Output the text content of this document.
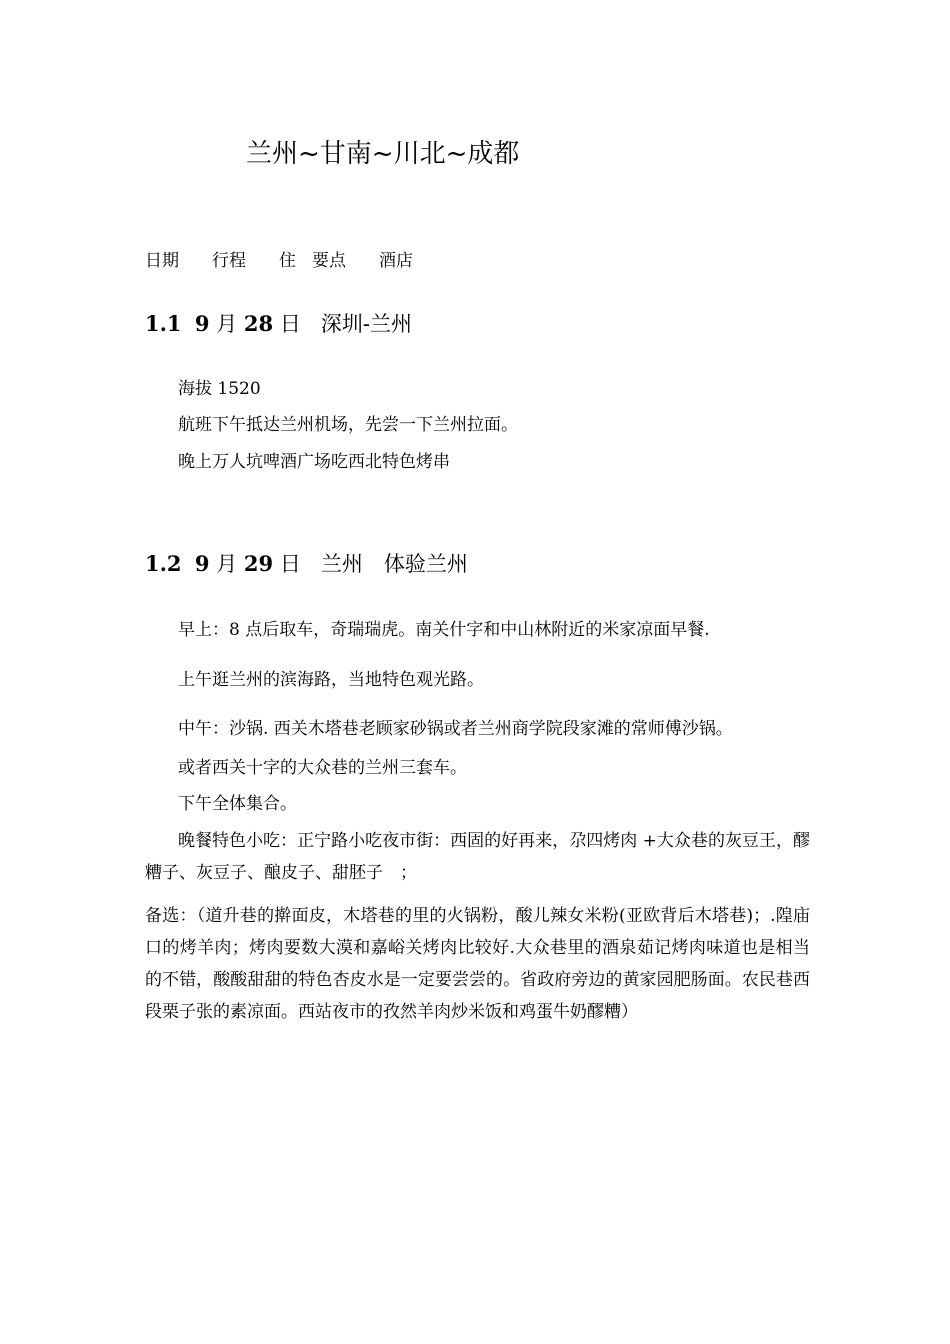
兰州~甘南~川北~成都
日期 行程 住 要点 酒店
1.1 9 月 28 日 深圳-兰州
海拔 1520
航班下午抵达兰州机场，先尝一下兰州拉面。
晚上万人坑啤酒广场吃西北特色烤串
1.2 9 月 29 日 兰州　体验兰州
早上：8 点后取车，奇瑞瑞虎。南关什字和中山林附近的米家凉面早餐.
上午逛兰州的滨海路，当地特色观光路。
中午：沙锅. 西关木塔巷老顾家砂锅或者兰州商学院段家滩的常师傅沙锅。
或者西关十字的大众巷的兰州三套车。
下午全体集合。
晚餐特色小吃：正宁路小吃夜市街：西固的好再来，尕四烤肉 +大众巷的灰豆王，醪糟子、灰豆子、酿皮子、甜胚子　；
备选：（道升巷的擀面皮，木塔巷的里的火锅粉，酸儿辣女米粉(亚欧背后木塔巷)；.隍庙口的烤羊肉；烤肉要数大漠和嘉峪关烤肉比较好.大众巷里的酒泉茹记烤肉味道也是相当的不错，酸酸甜甜的特色杏皮水是一定要尝尝的。省政府旁边的黄家园肥肠面。农民巷西段栗子张的素凉面。西站夜市的孜然羊肉炒米饭和鸡蛋牛奶醪糟）
